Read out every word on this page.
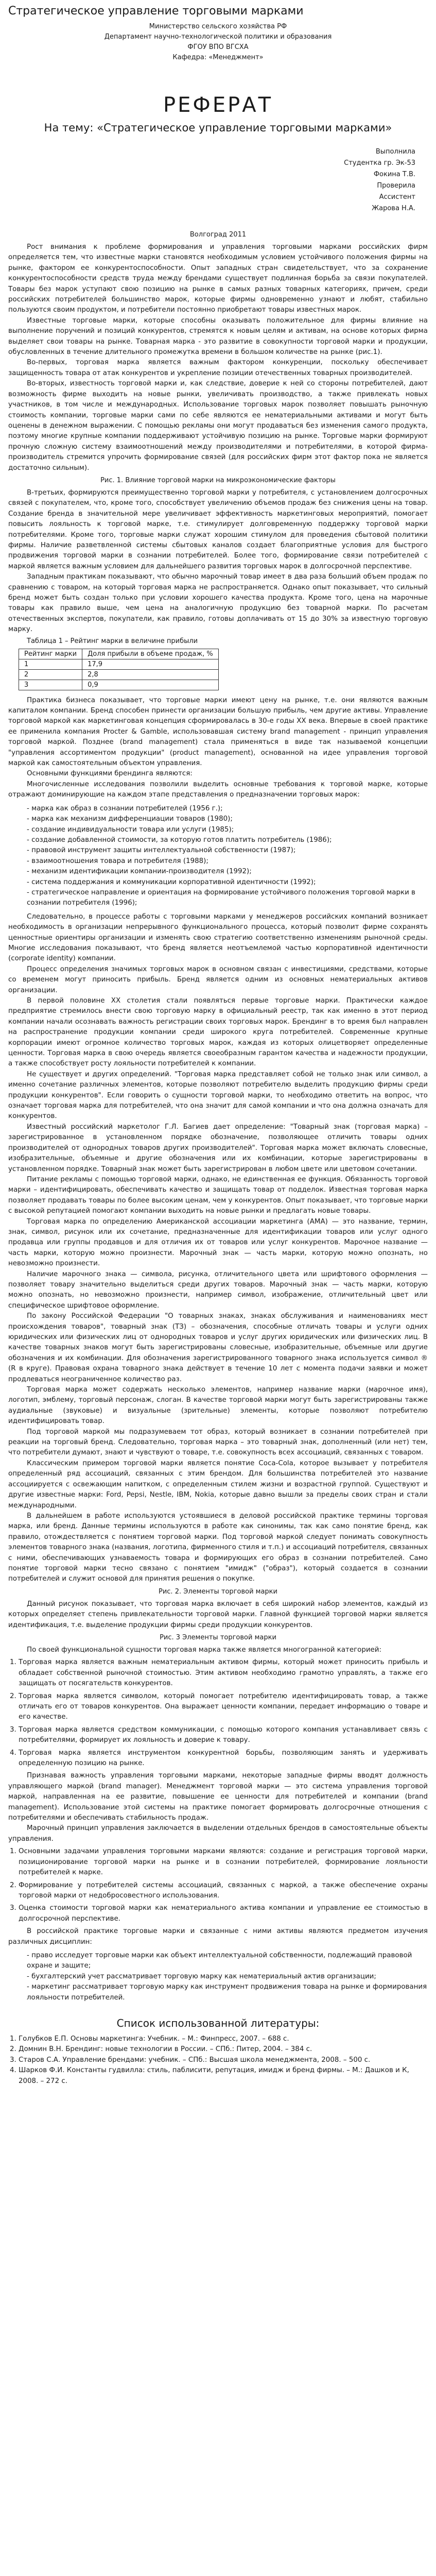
Стратегическое управление торговыми марками
Министерство сельского хозяйства РФ
Департамент научно-технологической политики и образования
ФГОУ ВПО ВГСХА
Кафедра: «Менеджмент»
РЕФЕРАТ
На тему: «Стратегическое управление торговыми марками»
Выполнила
Студентка гр. Эк-53
Фокина Т.В.
Проверила
Ассистент
Жарова Н.А.
Волгоград 2011

Рост внимания к проблеме формирования и управления торговыми марками российских фирм определяется тем, что известные марки становятся необходимым условием устойчивого положения фирмы на рынке, фактором ее конкурентоспособности. Опыт западных стран свидетельствует, что за сохранение конкурентоспособности средств труда между брендами существует подлинная борьба за связи покупателей. Товары без марок уступают свою позицию на рынке в самых разных товарных категориях, причем, среди российских потребителей большинство марок, которые фирмы одновременно узнают и любят, стабильно пользуются своим продуктом, и потребители постоянно приобретают товары известных марок.

Известные торговые марки, которые способны оказывать положительное для фирмы влияние на выполнение поручений и позиций конкурентов, стремятся к новым целям и активам, на основе которых фирма выделяет свои товары на рынке. Товарная марка - это развитие в совокупности торговой марки и продукции, обусловленных в течение длительного промежутка времени в большом количестве на рынке (рис.1).

Во-первых, торговая марка является важным фактором конкуренции, поскольку обеспечивает защищенность товара от атак конкурентов и укрепление позиции отечественных товарных производителей.

Во-вторых, известность торговой марки и, как следствие, доверие к ней со стороны потребителей, дают возможность фирме выходить на новые рынки, увеличивать производство, а также привлекать новых участников, в том числе и международных. Использование торговых марок позволяет повышать рыночную стоимость компании, торговые марки сами по себе являются ее нематериальными активами и могут быть оценены в денежном выражении. С помощью рекламы они могут продаваться без изменения самого продукта, поэтому многие крупные компании поддерживают устойчивую позицию на рынке. Торговые марки формируют прочную сложную систему взаимоотношений между производителями и потребителями, в которой фирма-производитель стремится упрочить формирование связей (для российских фирм этот фактор пока не является достаточно сильным).

Рис. 1. Влияние торговой марки на микроэкономические факторы

В-третьих, формируются преимущественно торговой марки у потребителя, с установлением долгосрочных связей с покупателем, что, кроме того, способствует увеличению объемов продаж без снижения цены на товар. Создание бренда в значительной мере увеличивает эффективность маркетинговых мероприятий, помогает повысить лояльность к торговой марке, т.е. стимулирует долговременную поддержку торговой марки потребителями. Кроме того, торговые марки служат хорошим стимулом для проведения сбытовой политики фирмы. Наличие разветвленной системы сбытовых каналов создает благоприятные условия для быстрого продвижения торговой марки в сознании потребителей. Более того, формирование связи потребителей с маркой является важным условием для дальнейшего развития торговых марок в долгосрочной перспективе.

Западным практикам показывают, что обычно марочный товар имеет в два раза больший объем продаж по сравнению с товаром, на который торговая марка не распространяется. Однако опыт показывает, что сильный бренд может быть создан только при условии хорошего качества продукта. Кроме того, цена на марочные товары как правило выше, чем цена на аналогичную продукцию без товарной марки. По расчетам отечественных экспертов, покупатели, как правило, готовы доплачивать от 15 до 30% за известную торговую марку.

Таблица 1 – Рейтинг марки в величине прибыли

Рейтинг марки	Доля прибыли в объеме продаж, %
1	17,9
2	2,8
3	0,9

Практика бизнеса показывает, что торговые марки имеют цену на рынке, т.е. они являются важным капиталом компании. Бренд способен принести организации большую прибыль, чем другие активы. Управление торговой маркой как маркетинговая концепция сформировалась в 30-е годы XX века. Впервые в своей практике ее применила компания Procter & Gamble, использовавшая систему brand management - принцип управления торговой маркой. Позднее (brand management) стала применяться в виде так называемой концепции "управления ассортиментом продукции" (product management), основанной на идее управления торговой маркой как самостоятельным объектом управления.

Основными функциями брендинга являются:

Многочисленные исследования позволили выделить основные требования к торговой марке, которые отражают доминирующие на каждом этапе представления о предназначении торговых марок:

- марка как образ в сознании потребителей (1956 г.);
- марка как механизм дифференциации товаров (1980);
- создание индивидуальности товара или услуги (1985);
- создание добавленной стоимости, за которую готов платить потребитель (1986);
- правовой инструмент защиты интеллектуальной собственности (1987);
- взаимоотношения товара и потребителя (1988);
- механизм идентификации компании-производителя (1992);
- система поддержания и коммуникации корпоративной идентичности (1992);
- стратегическое направление и ориентация на формирование устойчивого положения торговой марки в сознании потребителя (1996);

Следовательно, в процессе работы с торговыми марками у менеджеров российских компаний возникает необходимость в организации непрерывного функционального процесса, который позволит фирме сохранять ценностные ориентиры организации и изменять свою стратегию соответственно изменениям рыночной среды. Многие исследования показывают, что бренд является неотъемлемой частью корпоративной идентичности (corporate identity) компании.

Процесс определения значимых торговых марок в основном связан с инвестициями, средствами, которые со временем могут приносить прибыль. Бренд является одним из основных нематериальных активов организации.

В первой половине XX столетия стали появляться первые торговые марки. Практически каждое предприятие стремилось внести свою торговую марку в официальный реестр, так как именно в этот период компании начали осознавать важность регистрации своих торговых марок. Брендинг в то время был направлен на распространение продукции компании среди широкого круга потребителей. Современные крупные корпорации имеют огромное количество торговых марок, каждая из которых олицетворяет определенные ценности. Торговая марка в свою очередь является своеобразным гарантом качества и надежности продукции, а также способствует росту лояльности потребителей к компании.

Не существует и других определений. "Торговая марка представляет собой не только знак или символ, а именно сочетание различных элементов, которые позволяют потребителю выделить продукцию фирмы среди продукции конкурентов". Если говорить о сущности торговой марки, то необходимо ответить на вопрос, что означает торговая марка для потребителей, что она значит для самой компании и что она должна означать для конкурентов.

Известный российский маркетолог Г.Л. Багиев дает определение: "Товарный знак (торговая марка) – зарегистрированное в установленном порядке обозначение, позволяющее отличить товары одних производителей от однородных товаров других производителей". Торговая марка может включать словесные, изобразительные, объемные и другие обозначения или их комбинации, которые зарегистрированы в установленном порядке. Товарный знак может быть зарегистрирован в любом цвете или цветовом сочетании.

Питание рекламы с помощью торговой марки, однако, не единственная ее функция. Обязанность торговой марки – идентифицировать, обеспечивать качество и защищать товар от подделок. Известная торговая марка позволяет продавать товары по более высоким ценам, чем у конкурентов. Опыт показывает, что торговые марки с высокой репутацией помогают компании выходить на новые рынки и предлагать новые товары.

Торговая марка по определению Американской ассоциации маркетинга (АМА) — это название, термин, знак, символ, рисунок или их сочетание, предназначенные для идентификации товаров или услуг одного продавца или группы продавцов и для отличия их от товаров или услуг конкурентов. Марочное название — часть марки, которую можно произнести. Марочный знак — часть марки, которую можно опознать, но невозможно произнести.

Наличие марочного знака — символа, рисунка, отличительного цвета или шрифтового оформления — позволяет товару значительно выделиться среди других товаров. Марочный знак — часть марки, которую можно опознать, но невозможно произнести, например символ, изображение, отличительный цвет или специфическое шрифтовое оформление.

По закону Российской Федерации "О товарных знаках, знаках обслуживания и наименованиях мест происхождения товаров", товарный знак (ТЗ) – обозначения, способные отличать товары и услуги одних юридических или физических лиц от однородных товаров и услуг других юридических или физических лиц. В качестве товарных знаков могут быть зарегистрированы словесные, изобразительные, объемные или другие обозначения и их комбинации. Для обозначения зарегистрированного товарного знака используется символ ® (R в круге). Правовая охрана товарного знака действует в течение 10 лет с момента подачи заявки и может продлеваться неограниченное количество раз.

Торговая марка может содержать несколько элементов, например название марки (марочное имя), логотип, эмблему, торговый персонаж, слоган. В качестве торговой марки могут быть зарегистрированы также аудиальные (звуковые) и визуальные (зрительные) элементы, которые позволяют потребителю идентифицировать товар.

Под торговой маркой мы подразумеваем тот образ, который возникает в сознании потребителей при реакции на торговый бренд. Следовательно, торговая марка – это товарный знак, дополненный (или нет) тем, что потребители думают, знают и чувствуют о товаре, т.е. совокупность всех ассоциаций, связанных с товаром.

Классическим примером торговой марки является понятие Coca-Cola, которое вызывает у потребителя определенный ряд ассоциаций, связанных с этим брендом. Для большинства потребителей это название ассоциируется с освежающим напитком, с определенным стилем жизни и возрастной группой. Существуют и другие известные марки: Ford, Pepsi, Nestle, IBM, Nokia, которые давно вышли за пределы своих стран и стали международными.

В дальнейшем в работе используются устоявшиеся в деловой российской практике термины торговая марка, или бренд. Данные термины используются в работе как синонимы, так как само понятие бренд, как правило, отождествляется с понятием торговой марки. Под торговой маркой следует понимать совокупность элементов товарного знака (названия, логотипа, фирменного стиля и т.п.) и ассоциаций потребителя, связанных с ними, обеспечивающих узнаваемость товара и формирующих его образ в сознании потребителей. Само понятие торговой марки тесно связано с понятием "имидж" ("образ"), который создается в сознании потребителей и служит основой для принятия решения о покупке.

Рис. 2. Элементы торговой марки

Данный рисунок показывает, что торговая марка включает в себя широкий набор элементов, каждый из которых определяет степень привлекательности торговой марки. Главной функцией торговой марки является идентификация, т.е. выделение продукции фирмы среди продукции конкурентов.

Рис. 3 Элементы торговой марки

По своей функциональной сущности торговая марка также является многогранной категорией:

1. Торговая марка является важным нематериальным активом фирмы, который может приносить прибыль и обладает собственной рыночной стоимостью. Этим активом необходимо грамотно управлять, а также его защищать от посягательств конкурентов.
2. Торговая марка является символом, который помогает потребителю идентифицировать товар, а также отличать его от товаров конкурентов. Она выражает ценности компании, передает информацию о товаре и его качестве.
3. Торговая марка является средством коммуникации, с помощью которого компания устанавливает связь с потребителями, формирует их лояльность и доверие к товару.
4. Торговая марка является инструментом конкурентной борьбы, позволяющим занять и удерживать определенную позицию на рынке.

Признавая важность управления торговыми марками, некоторые западные фирмы вводят должность управляющего маркой (brand manager). Менеджмент торговой марки — это система управления торговой маркой, направленная на ее развитие, повышение ее ценности для потребителей и компании (brand management). Использование этой системы на практике помогает формировать долгосрочные отношения с потребителями и обеспечивать стабильность продаж.

Марочный принцип управления заключается в выделении отдельных брендов в самостоятельные объекты управления.

1. Основными задачами управления торговыми марками являются: создание и регистрация торговой марки, позиционирование торговой марки на рынке и в сознании потребителей, формирование лояльности потребителей к марке.
2. Формирование у потребителей системы ассоциаций, связанных с маркой, а также обеспечение охраны торговой марки от недобросовестного использования.
3. Оценка стоимости торговой марки как нематериального актива компании и управление ее стоимостью в долгосрочной перспективе.

В российской практике торговые марки и связанные с ними активы являются предметом изучения различных дисциплин:

- право исследует торговые марки как объект интеллектуальной собственности, подлежащий правовой охране и защите;
- бухгалтерский учет рассматривает торговую марку как нематериальный актив организации;
- маркетинг рассматривает торговую марку как инструмент продвижения товара на рынке и формирования лояльности потребителей.
Список использованной литературы:
1. Голубков Е.П. Основы маркетинга: Учебник. – М.: Финпресс, 2007. – 688 с.
2. Домнин В.Н. Брендинг: новые технологии в России. – СПб.: Питер, 2004. – 384 с.
3. Старов С.А. Управление брендами: учебник. – СПб.: Высшая школа менеджмента, 2008. – 500 с.
4. Шарков Ф.И. Константы гудвилла: стиль, паблисити, репутация, имидж и бренд фирмы. – М.: Дашков и К, 2008. – 272 с.
